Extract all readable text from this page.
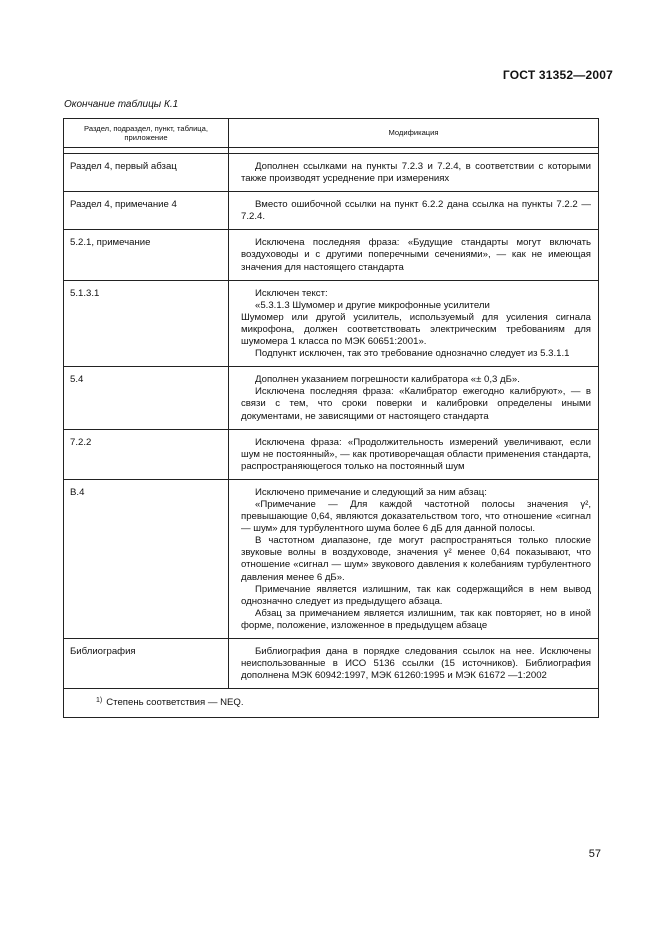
ГОСТ 31352—2007
Окончание таблицы К.1
Раздел, подраздел, пункт, таблица, приложение	Модификация

Раздел 4, первый абзац	Дополнен ссылками на пункты 7.2.3 и 7.2.4, в соответствии с которыми также производят усреднение при измерениях

Раздел 4, примечание 4	Вместо ошибочной ссылки на пункт 6.2.2 дана ссылка на пункты 7.2.2 — 7.2.4.

5.2.1, примечание	Исключена последняя фраза: «Будущие стандарты могут включать воздуховоды и с другими поперечными сечениями», — как не имеющая значения для настоящего стандарта

5.1.3.1	Исключен текст:

«5.3.1.3 Шумомер и другие микрофонные усилители

Шумомер или другой усилитель, используемый для усиления сигнала микрофона, должен соответствовать электрическим требованиям для шумомера 1 класса по МЭК 60651:2001».

Подпункт исключен, так это требование однозначно следует из 5.3.1.1

5.4	Дополнен указанием погрешности калибратора «± 0,3 дБ».

Исключена последняя фраза: «Калибратор ежегодно калибруют», — в связи с тем, что сроки поверки и калибровки определены иными документами, не зависящими от настоящего стандарта

7.2.2	Исключена фраза: «Продолжительность измерений увеличивают, если шум не постоянный», — как противоречащая области применения стандарта, распространяющегося только на постоянный шум

В.4	Исключено примечание и следующий за ним абзац:

«Примечание — Для каждой частотной полосы значения γ², превышающие 0,64, являются доказательством того, что отношение «сигнал — шум» для турбулентного шума более 6 дБ для данной полосы.

В частотном диапазоне, где могут распространяться только плоские звуковые волны в воздуховоде, значения γ² менее 0,64 показывают, что отношение «сигнал — шум» звукового давления к колебаниям турбулентного давления менее 6 дБ».

Примечание является излишним, так как содержащийся в нем вывод однозначно следует из предыдущего абзаца.

Абзац за примечанием является излишним, так как повторяет, но в иной форме, положение, изложенное в предыдущем абзаце

Библиография	Библиография дана в порядке следования ссылок на нее. Исключены неиспользованные в ИСО 5136 ссылки (15 источников). Библиография дополнена МЭК 60942:1997, МЭК 61260:1995 и МЭК 61672 —1:2002

$^{1)}$ Степень соответствия — NEQ.	
57
